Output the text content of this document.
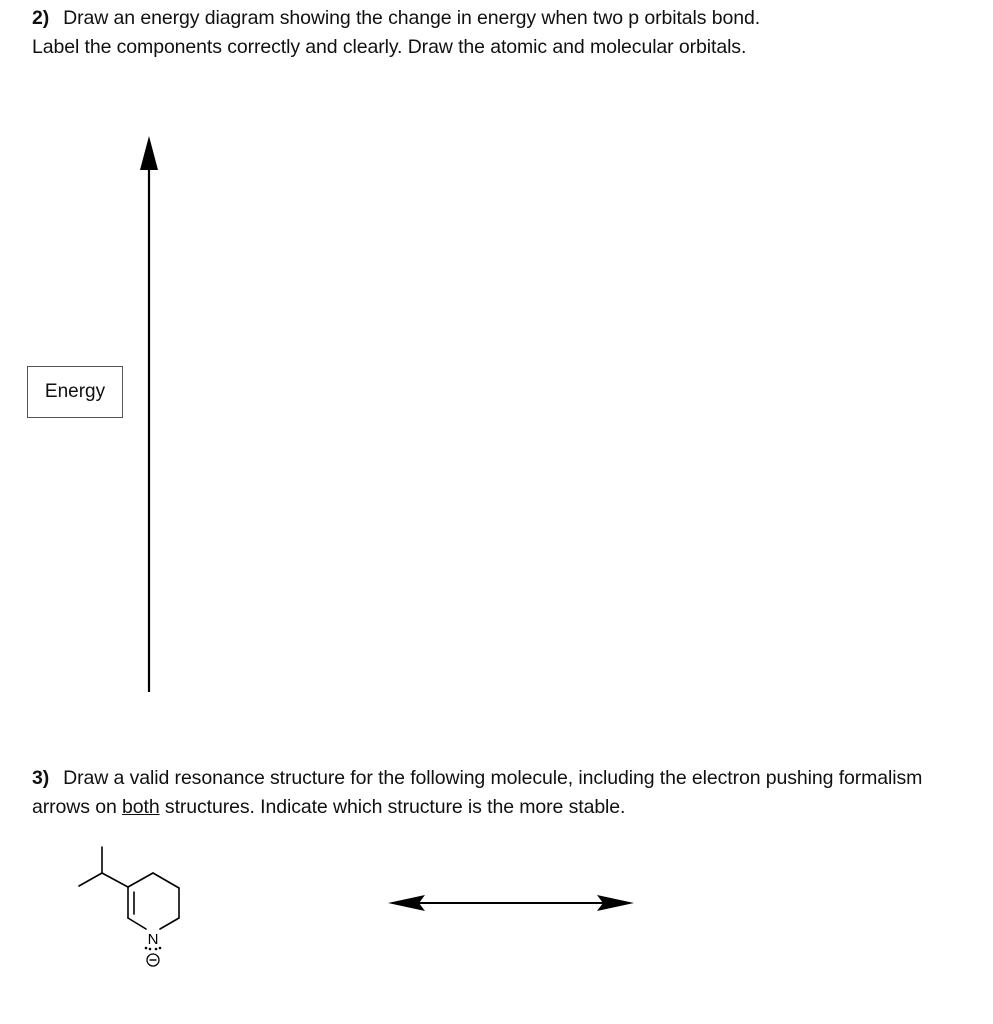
2) Draw an energy diagram showing the change in energy when two p orbitals bond.
Label the components correctly and clearly. Draw the atomic and molecular orbitals.
Energy
3) Draw a valid resonance structure for the following molecule, including the electron pushing formalism arrows on both structures. Indicate which structure is the more stable.
N
